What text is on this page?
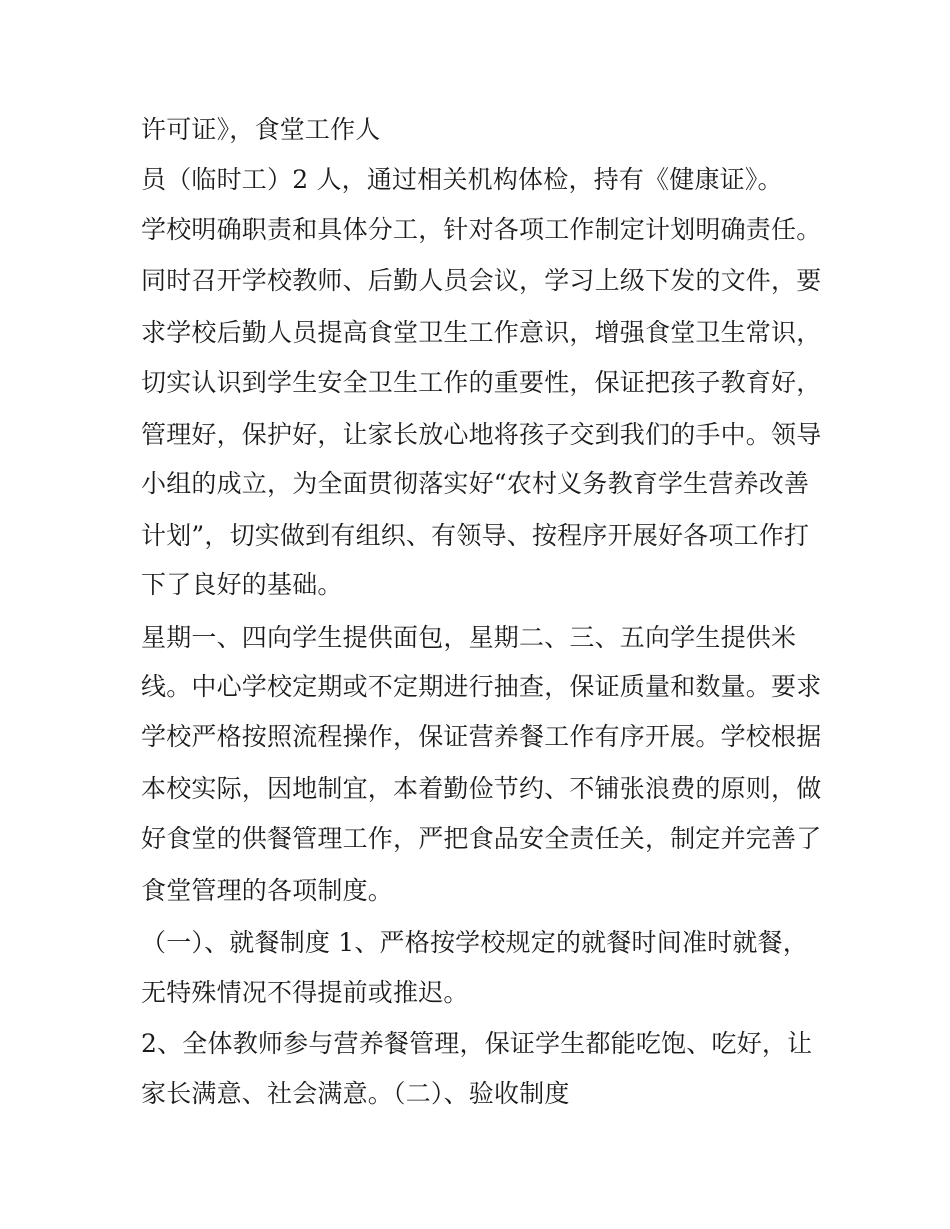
许可证》，食堂工作人
员（临时工）2 人，通过相关机构体检，持有《健康证》。
学校明确职责和具体分工，针对各项工作制定计划明确责任。
同时召开学校教师、后勤人员会议，学习上级下发的文件，要
求学校后勤人员提高食堂卫生工作意识，增强食堂卫生常识，
切实认识到学生安全卫生工作的重要性，保证把孩子教育好，
管理好，保护好，让家长放心地将孩子交到我们的手中。领导
小组的成立，为全面贯彻落实好“农村义务教育学生营养改善
计划”，切实做到有组织、有领导、按程序开展好各项工作打
下了良好的基础。
星期一、四向学生提供面包，星期二、三、五向学生提供米
线。中心学校定期或不定期进行抽查，保证质量和数量。要求
学校严格按照流程操作，保证营养餐工作有序开展。学校根据
本校实际，因地制宜，本着勤俭节约、不铺张浪费的原则，做
好食堂的供餐管理工作，严把食品安全责任关，制定并完善了
食堂管理的各项制度。
（一）、就餐制度 1、严格按学校规定的就餐时间准时就餐，
无特殊情况不得提前或推迟。
2、全体教师参与营养餐管理，保证学生都能吃饱、吃好，让
家长满意、社会满意。（二）、验收制度
